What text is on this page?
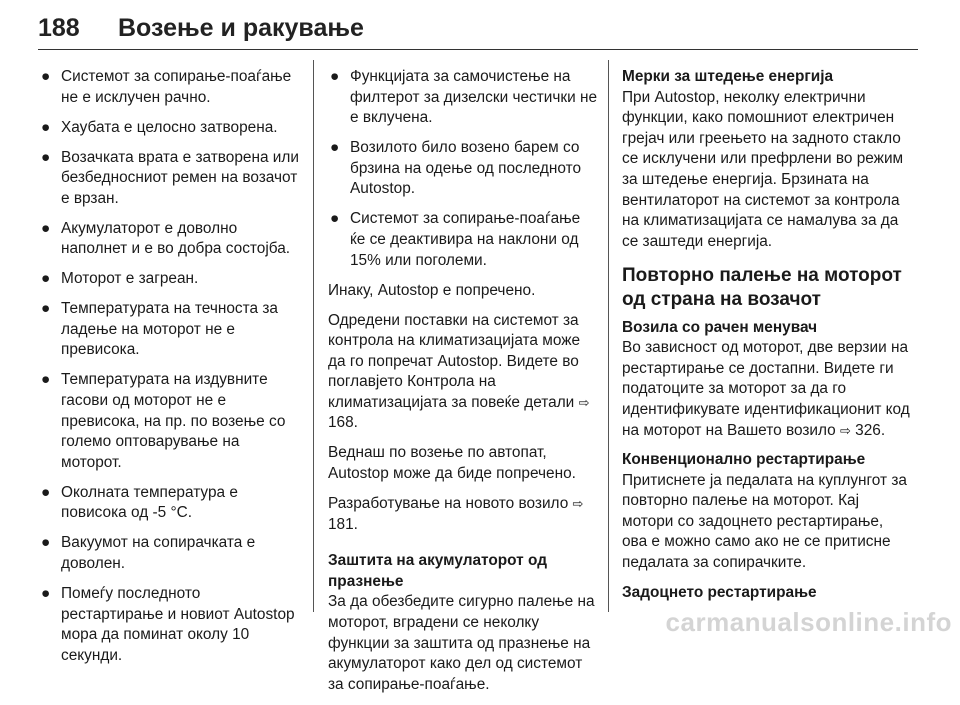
188 Возење и ракување
● Системот за сопирање-поаѓање не е исклучен рачно.
● Хаубата е целосно затворена.
● Возачката врата е затворена или безбедносниот ремен на возачот е врзан.
● Акумулаторот е доволно наполнет и е во добра состојба.
● Моторот е загреан.
● Температурата на течноста за ладење на моторот не е превисока.
● Температурата на издувните гасови од моторот не е превисока, на пр. по возење со големо оптоварување на моторот.
● Околната температура е повисока од -5 °C.
● Вакуумот на сопирачката е доволен.
● Помеѓу последното рестартирање и новиот Autostop мора да поминат околу 10 секунди.
● Функцијата за самочистење на филтерот за дизелски честички не е вклучена.
● Возилото било возено барем со брзина на одење од последното Autostop.
● Системот за сопирање-поаѓање ќе се деактивира на наклони од 15% или поголеми.

Инаку, Autostop е попречено.

Одредени поставки на системот за контрола на климатизацијата може да го попречат Autostop. Видете во поглавјето Контрола на климатизацијата за повеќе детали ⇨ 168.

Веднаш по возење по автопат, Autostop може да биде попречено.

Разработување на новото возило ⇨ 181.

Заштита на акумулаторот од празнење

За да обезбедите сигурно палење на моторот, вградени се неколку функции за заштита од празнење на акумулаторот како дел од системот за сопирање-поаѓање.

Мерки за штедење енергија

При Autostop, неколку електрични функции, како помошниот електричен грејач или греењето на задното стакло се исклучени или префрлени во режим за штедење енергија. Брзината на вентилаторот на системот за контрола на климатизацијата се намалува за да се заштеди енергија.

Повторно палење на моторот од страна на возачот
Возила со рачен менувач
Во зависност од моторот, две верзии на рестартирање се достапни. Видете ги податоците за моторот за да го идентификувате идентификационит код на моторот на Вашето возило ⇨ 326.
Конвенционално рестартирање
Притиснете ја педалата на куплунгот за повторно палење на моторот. Кај мотори со задоцнето рестартирање, ова е можно само ако не се притисне педалата за сопирачките.
Задоцнето рестартирање
carmanualsonline.info
